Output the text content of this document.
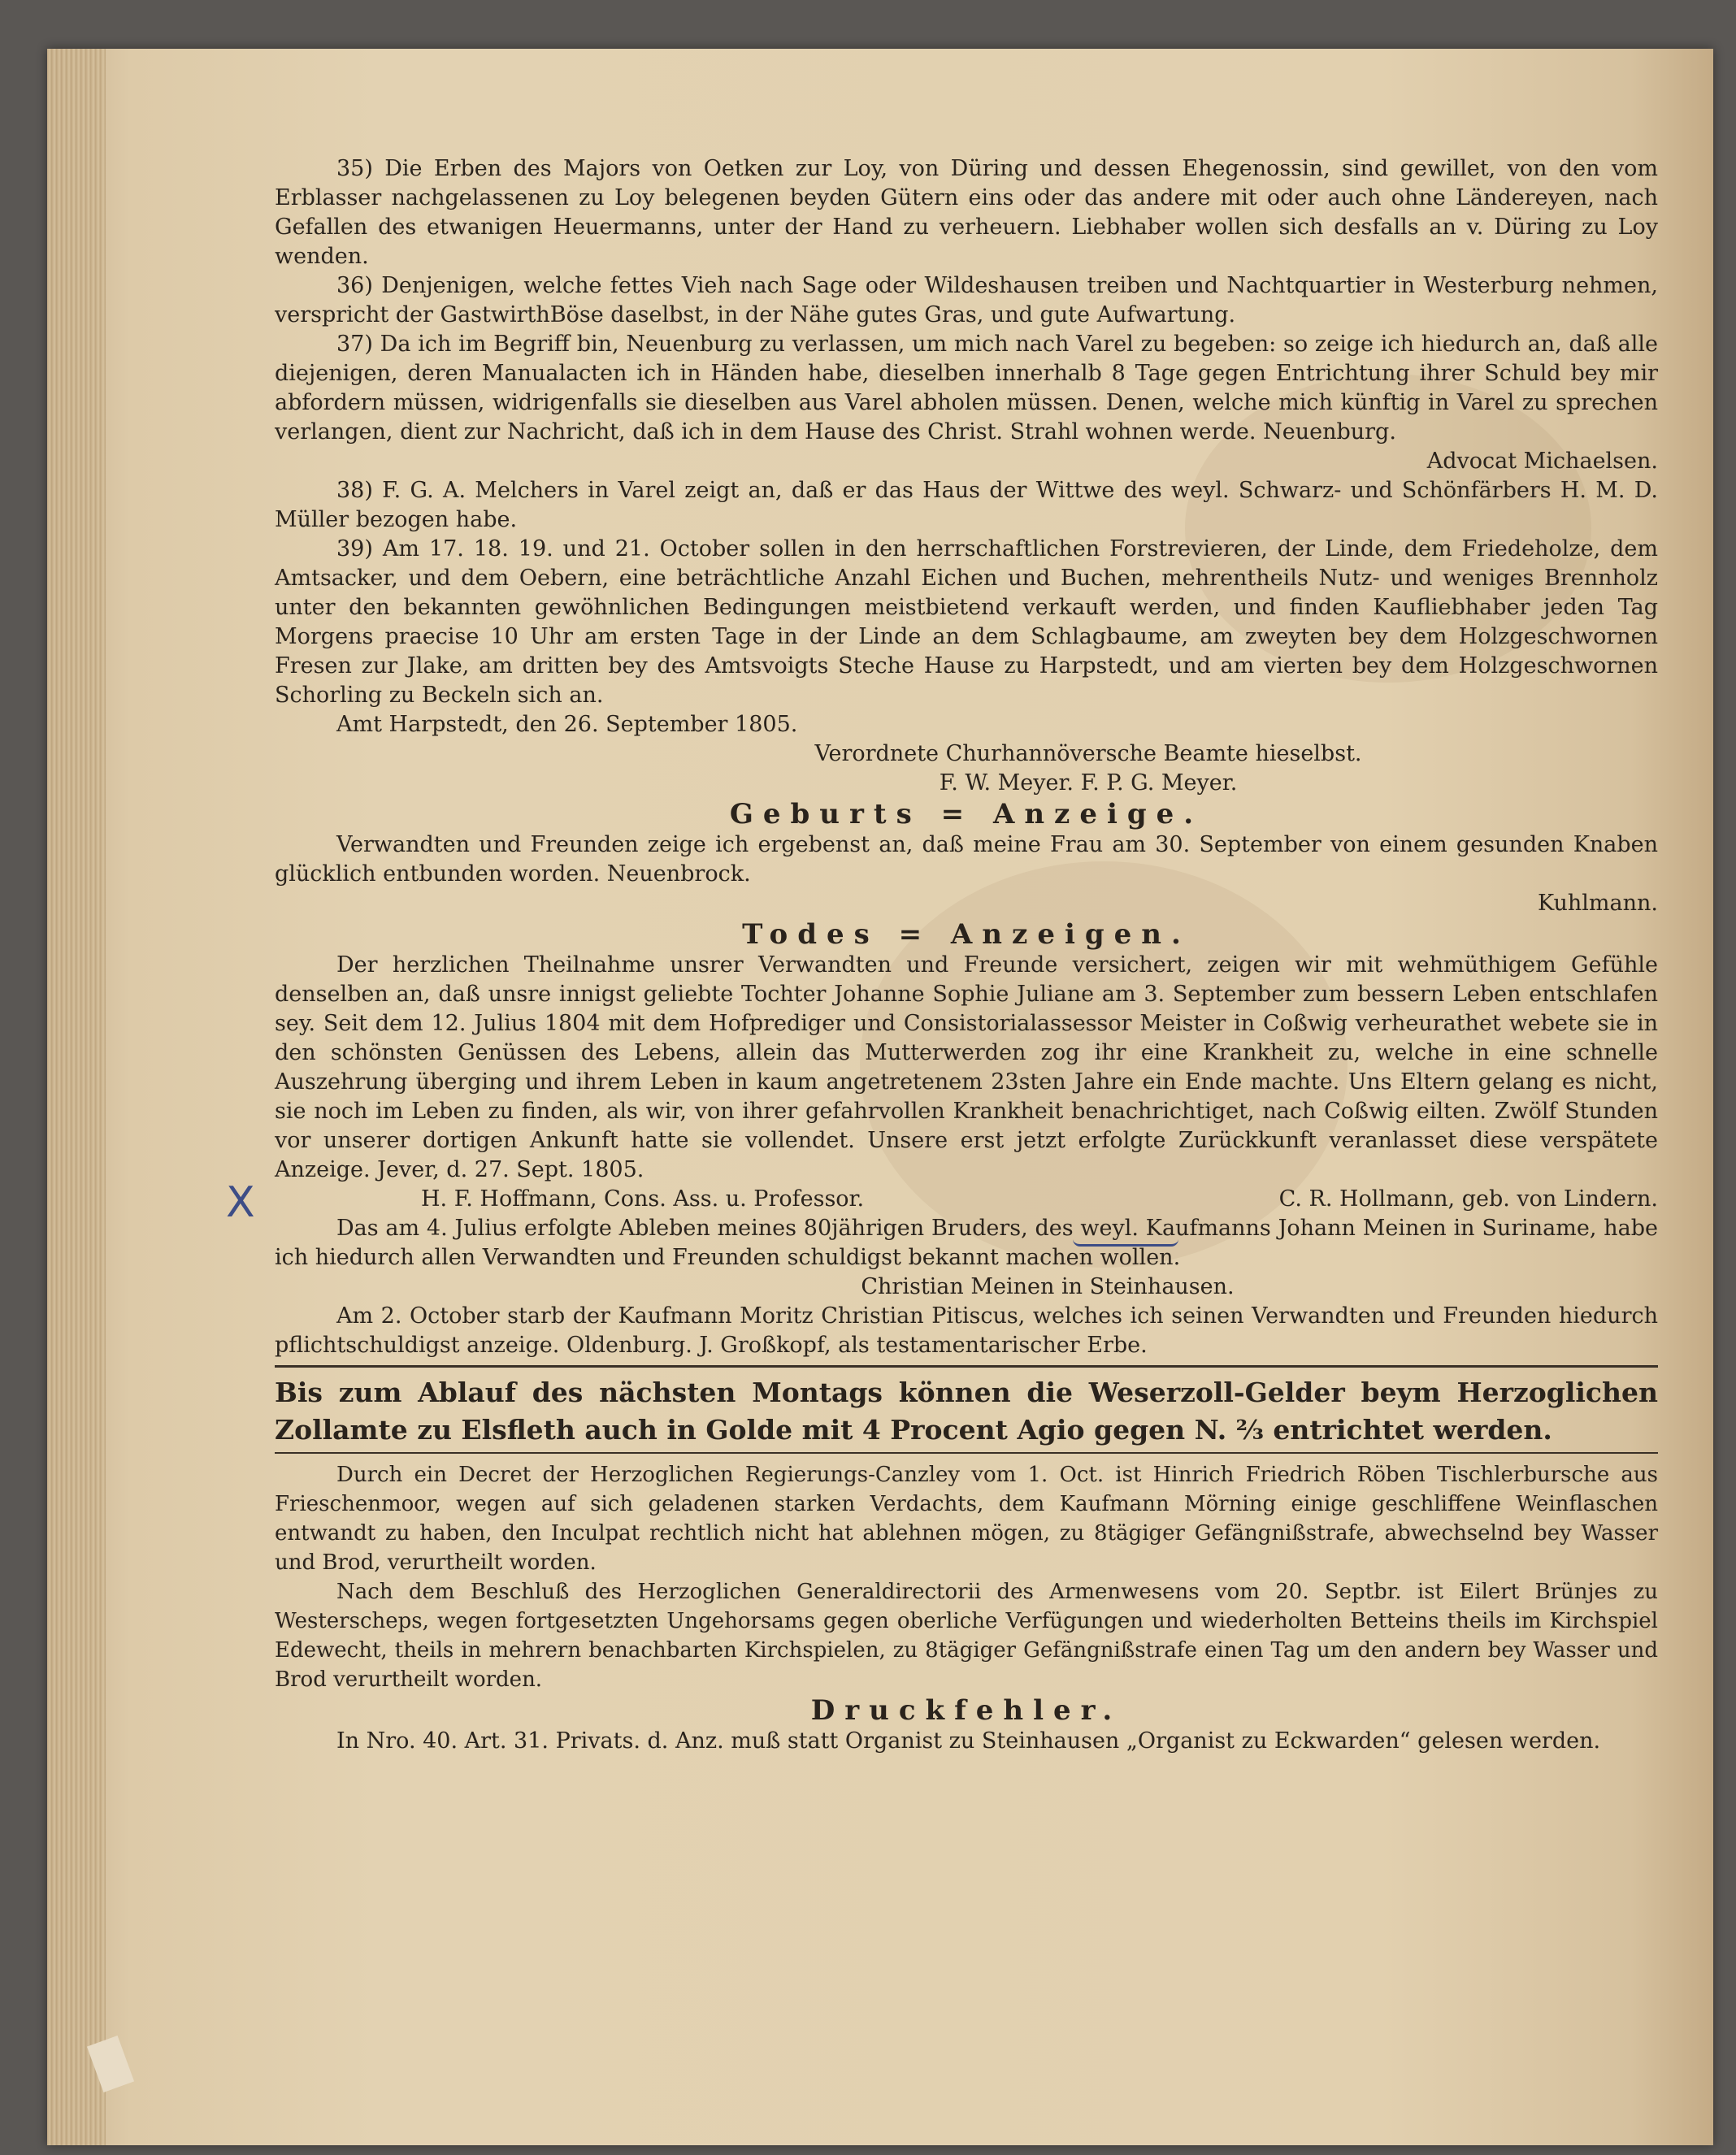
X

35) Die Erben des Majors von Oetken zur Loy, von Düring und dessen Ehegenossin, sind gewillet, von den vom Erblasser nachgelassenen zu Loy belegenen beyden Gütern eins oder das andere mit oder auch ohne Ländereyen, nach Gefallen des etwanigen Heuermanns, unter der Hand zu verheuern. Liebhaber wollen sich desfalls an v. Düring zu Loy wenden.

36) Denjenigen, welche fettes Vieh nach Sage oder Wildeshausen treiben und Nachtquartier in Westerburg nehmen, verspricht der GastwirthBöse daselbst, in der Nähe gutes Gras, und gute Aufwartung.

37) Da ich im Begriff bin, Neuenburg zu verlassen, um mich nach Varel zu begeben: so zeige ich hiedurch an, daß alle diejenigen, deren Manualacten ich in Händen habe, dieselben innerhalb 8 Tage gegen Entrichtung ihrer Schuld bey mir abfordern müssen, widrigenfalls sie dieselben aus Varel abholen müssen. Denen, welche mich künftig in Varel zu sprechen verlangen, dient zur Nachricht, daß ich in dem Hause des Christ. Strahl wohnen werde. Neuenburg.

Advocat Michaelsen.

38) F. G. A. Melchers in Varel zeigt an, daß er das Haus der Wittwe des weyl. Schwarz- und Schönfärbers H. M. D. Müller bezogen habe.

39) Am 17. 18. 19. und 21. October sollen in den herrschaftlichen Forstrevieren, der Linde, dem Friedeholze, dem Amtsacker, und dem Oebern, eine beträchtliche Anzahl Eichen und Buchen, mehrentheils Nutz- und weniges Brennholz unter den bekannten gewöhnlichen Bedingungen meistbietend verkauft werden, und finden Kaufliebhaber jeden Tag Morgens praecise 10 Uhr am ersten Tage in der Linde an dem Schlagbaume, am zweyten bey dem Holzgeschwornen Fresen zur Jlake, am dritten bey des Amtsvoigts Steche Hause zu Harpstedt, und am vierten bey dem Holzgeschwornen Schorling zu Beckeln sich an.

Amt Harpstedt, den 26. September 1805.
Verordnete Churhannöversche Beamte hieselbst.
F. W. Meyer. F. P. G. Meyer.
Geburts = Anzeige.

Verwandten und Freunden zeige ich ergebenst an, daß meine Frau am 30. September von einem gesunden Knaben glücklich entbunden worden. Neuenbrock.

Kuhlmann.
Todes = Anzeigen.

Der herzlichen Theilnahme unsrer Verwandten und Freunde versichert, zeigen wir mit wehmüthigem Gefühle denselben an, daß unsre innigst geliebte Tochter Johanne Sophie Juliane am 3. September zum bessern Leben entschlafen sey. Seit dem 12. Julius 1804 mit dem Hofprediger und Consistorialassessor Meister in Coßwig verheurathet webete sie in den schönsten Genüssen des Lebens, allein das Mutterwerden zog ihr eine Krankheit zu, welche in eine schnelle Auszehrung überging und ihrem Leben in kaum angetretenem 23sten Jahre ein Ende machte. Uns Eltern gelang es nicht, sie noch im Leben zu finden, als wir, von ihrer gefahrvollen Krankheit benachrichtiget, nach Coßwig eilten. Zwölf Stunden vor unserer dortigen Ankunft hatte sie vollendet. Unsere erst jetzt erfolgte Zurückkunft veranlasset diese verspätete Anzeige. Jever, d. 27. Sept. 1805.

H. F. Hoffmann, Cons. Ass. u. Professor.	C. R. Hollmann, geb. von Lindern.

Das am 4. Julius erfolgte Ableben meines 80jährigen Bruders, des weyl. Kaufmanns Johann Meinen in Suriname, habe ich hiedurch allen Verwandten und Freunden schuldigst bekannt machen wollen.

Christian Meinen in Steinhausen.

Am 2. October starb der Kaufmann Moritz Christian Pitiscus, welches ich seinen Verwandten und Freunden hiedurch pflichtschuldigst anzeige. Oldenburg. J. Großkopf, als testamentarischer Erbe.

Bis zum Ablauf des nächsten Montags können die Weserzoll-Gelder beym Herzoglichen Zollamte zu Elsfleth auch in Golde mit 4 Procent Agio gegen N. ⅔ entrichtet werden.

Durch ein Decret der Herzoglichen Regierungs-Canzley vom 1. Oct. ist Hinrich Friedrich Röben Tischlerbursche aus Frieschenmoor, wegen auf sich geladenen starken Verdachts, dem Kaufmann Mörning einige geschliffene Weinflaschen entwandt zu haben, den Inculpat rechtlich nicht hat ablehnen mögen, zu 8tägiger Gefängnißstrafe, abwechselnd bey Wasser und Brod, verurtheilt worden.

Nach dem Beschluß des Herzoglichen Generaldirectorii des Armenwesens vom 20. Septbr. ist Eilert Brünjes zu Westerscheps, wegen fortgesetzten Ungehorsams gegen oberliche Verfügungen und wiederholten Betteins theils im Kirchspiel Edewecht, theils in mehrern benachbarten Kirchspielen, zu 8tägiger Gefängnißstrafe einen Tag um den andern bey Wasser und Brod verurtheilt worden.

Druckfehler.

In Nro. 40. Art. 31. Privats. d. Anz. muß statt Organist zu Steinhausen „Organist zu Eckwarden“ gelesen werden.
